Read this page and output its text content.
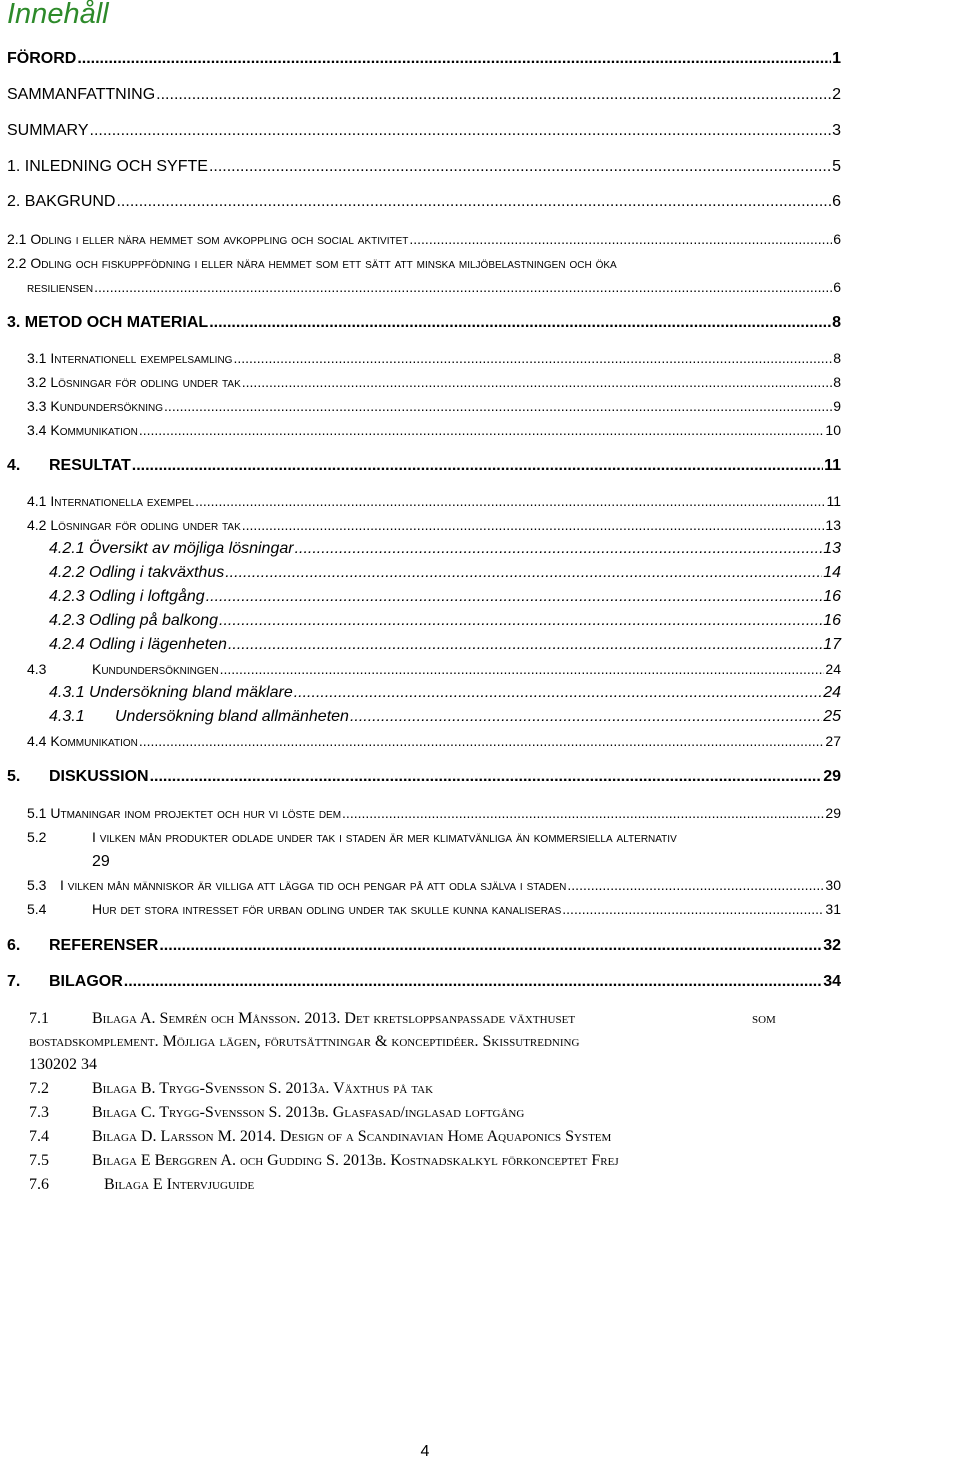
Innehåll
FÖRORD .....	1
SAMMANFATTNING .....	2
SUMMARY .....	3
1. INLEDNING OCH SYFTE .....	5
2. BAKGRUND .....	6
2.1 Odling i eller nära hemmet som avkoppling och social aktivitet .....	6
2.2 Odling och fiskuppfödning i eller nära hemmet som ett sätt att minska miljöbelastningen och öka
resiliensen .....	6
3. METOD OCH MATERIAL .....	8
3.1 Internationell exempelsamling .....	8
3.2 Lösningar för odling under tak .....	8
3.3 Kundundersökning .....	9
3.4 Kommunikation .....	10
4. RESULTAT .....	11
4.1 Internationella exempel .....	11
4.2 Lösningar för odling under tak .....	13
4.2.1 Översikt av möjliga lösningar .....	13
4.2.2 Odling i takväxthus .....	14
4.2.3 Odling i loftgång .....	16
4.2.3 Odling på balkong .....	16
4.2.4 Odling i lägenheten .....	17
4.3	Kundundersökningen .....	24
4.3.1 Undersökning bland mäklare .....	24
4.3.1 Undersökning bland allmänheten .....	25
4.4 Kommunikation .....	27
5. DISKUSSION .....	29
5.1 Utmaningar inom projektet och hur vi löste dem .....	29
5.2	I vilken mån produkter odlade under tak i staden är mer klimatvänliga än kommersiella alternativ
29
5.3 I vilken mån människor är villiga att lägga tid och pengar på att odla själva i staden .....	30
5.4	Hur det stora intresset för urban odling under tak skulle kunna kanaliseras .....	31
6. REFERENSER .....	32
7. BILAGOR .....	34
7.1	Bilaga A. Semrén och Månsson. 2013. Det kretsloppsanpassade växthuset	som
bostadskomplement. Möjliga lägen, förutsättningar & konceptidéer. Skissutredning
130202 34
7.2	Bilaga B. Trygg-Svensson S. 2013a. Växthus på tak
7.3	Bilaga C. Trygg-Svensson S. 2013b. Glasfasad/inglasad loftgång
7.4	Bilaga D. Larsson M. 2014. Design of a Scandinavian Home Aquaponics System
7.5	Bilaga E Berggren A. och Gudding S. 2013b. Kostnadskalkyl förkonceptet Frej
7.6	Bilaga E Intervjuguide
4
